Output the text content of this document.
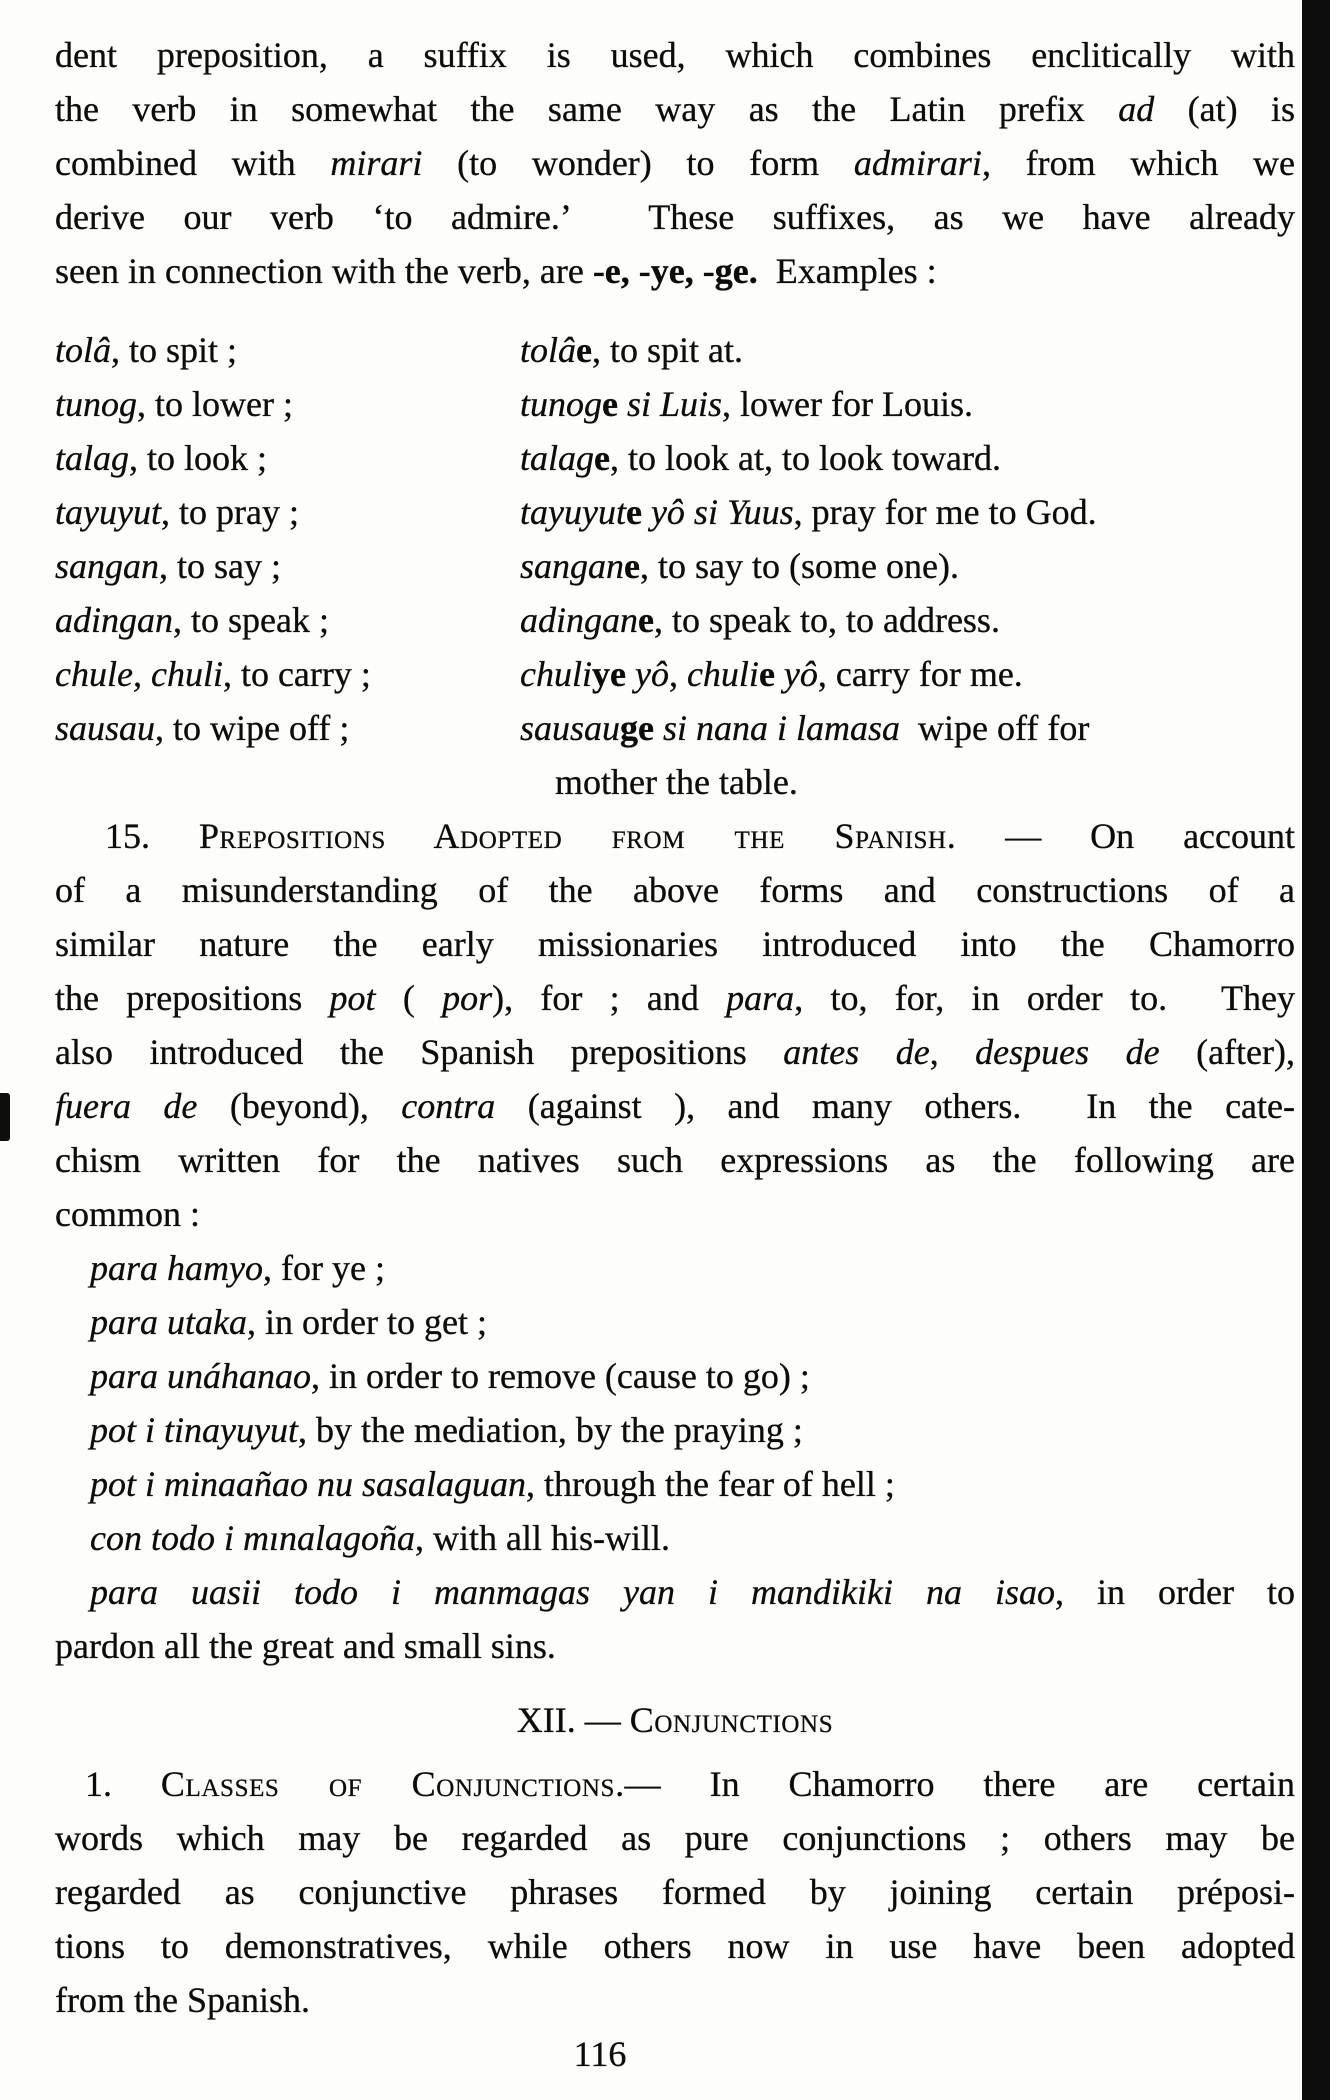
dent preposition, a suffix is used, which combines enclitically with
the verb in somewhat the same way as the Latin prefix ad (at) is
combined with mirari (to wonder) to form admirari, from which we
derive our verb ‘to admire.’  These suffixes, as we have already
seen in connection with the verb, are -e, -ye, -ge.  Examples :
tolâ, to spit ;	tolâe, to spit at.
tunog, to lower ;	tunoge si Luis, lower for Louis.
talag, to look ;	talage, to look at, to look toward.
tayuyut, to pray ;	tayuyute yô si Yuus, pray for me to God.
sangan, to say ;	sangane, to say to (some one).
adingan, to speak ;	adingane, to speak to, to address.
chule, chuli, to carry ;	chuliye yô, chulie yô, carry for me.
sausau, to wipe off ;	sausauge si nana i lamasa  wipe off for
mother the table.
15. Prepositions Adopted from the Spanish. — On account
of a misunderstanding of the above forms and constructions of a
similar nature the early missionaries introduced into the Chamorro
the prepositions pot ( por), for ; and para, to, for, in order to.  They
also introduced the Spanish prepositions antes de, despues de (after),
fuera de (beyond), contra (against ), and many others.  In the cate-
chism written for the natives such expressions as the following are
common :
para hamyo, for ye ;
para utaka, in order to get ;
para unáhanao, in order to remove (cause to go) ;
pot i tinayuyut, by the mediation, by the praying ;
pot i minaañao nu sasalaguan, through the fear of hell ;
con todo i mınalagoña, with all his-will.
para uasii todo i manmagas yan i mandikiki na isao, in order to
pardon all the great and small sins.
XII. — Conjunctions
1. Classes of Conjunctions.— In Chamorro there are certain
words which may be regarded as pure conjunctions ; others may be
regarded as conjunctive phrases formed by joining certain préposi-
tions to demonstratives, while others now in use have been adopted
from the Spanish.
116
